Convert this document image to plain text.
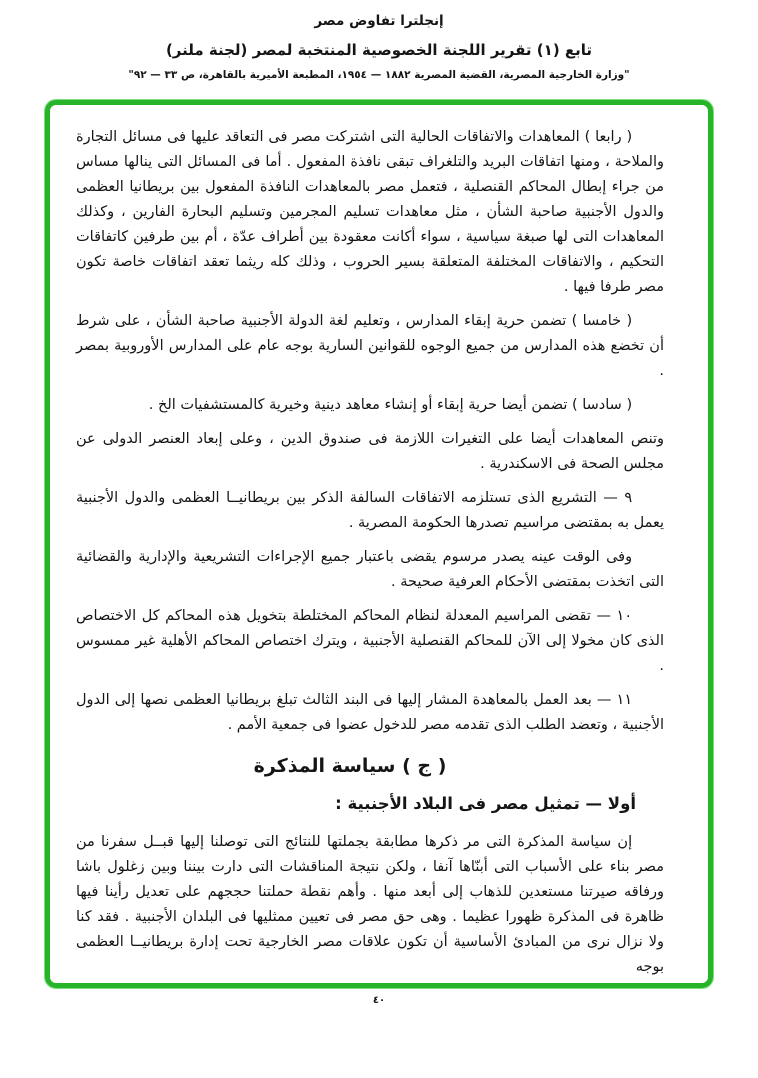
إنجلترا تفاوض مصر
تابع (١) تقرير اللجنة الخصوصية المنتخبة لمصر (لجنة ملنر)
"وزارة الخارجية المصرية، القضية المصرية ١٨٨٢ — ١٩٥٤، المطبعة الأميرية بالقاهرة، ص ٣٣ — ٩٢"

( رابعا ) المعاهدات والاتفاقات الحالية التى اشتركت مصر فى التعاقد عليها فى مسائل التجارة والملاحة ، ومنها اتفاقات البريد والتلغراف تبقى نافذة المفعول . أما فى المسائل التى ينالها مساس من جراء إبطال المحاكم القنصلية ، فتعمل مصر بالمعاهدات النافذة المفعول بين بريطانيا العظمى والدول الأجنبية صاحبة الشأن ، مثل معاهدات تسليم المجرمين وتسليم البحارة الفارين ، وكذلك المعاهدات التى لها صبغة سياسية ، سواء أكانت معقودة بين أطراف عدّة ، أم بين طرفين كاتفاقات التحكيم ، والاتفاقات المختلفة المتعلقة بسير الحروب ، وذلك كله ريثما تعقد اتفاقات خاصة تكون مصر طرفا فيها .

( خامسا ) تضمن حرية إبقاء المدارس ، وتعليم لغة الدولة الأجنبية صاحبة الشأن ، على شرط أن تخضع هذه المدارس من جميع الوجوه للقوانين السارية بوجه عام على المدارس الأوروبية بمصر .

( سادسا ) تضمن أيضا حرية إبقاء أو إنشاء معاهد دينية وخيرية كالمستشفيات الخ .

وتنص المعاهدات أيضا على التغيرات اللازمة فى صندوق الدين ، وعلى إبعاد العنصر الدولى عن مجلس الصحة فى الاسكندرية .

٩ — التشريع الذى تستلزمه الاتفاقات السالفة الذكر بين بريطانيــا العظمى والدول الأجنبية يعمل به بمقتضى مراسيم تصدرها الحكومة المصرية .

وفى الوقت عينه يصدر مرسوم يقضى باعتبار جميع الإجراءات التشريعية والإدارية والقضائية التى اتخذت بمقتضى الأحكام العرفية صحيحة .

١٠ — تقضى المراسيم المعدلة لنظام المحاكم المختلطة بتخويل هذه المحاكم كل الاختصاص الذى كان مخولا إلى الآن للمحاكم القنصلية الأجنبية ، ويترك اختصاص المحاكم الأهلية غير ممسوس .

١١ — بعد العمل بالمعاهدة المشار إليها فى البند الثالث تبلغ بريطانيا العظمى نصها إلى الدول الأجنبية ، وتعضد الطلب الذى تقدمه مصر للدخول عضوا فى جمعية الأمم .

( ج ) سياسة المذكرة
أولا — تمثيل مصر فى البلاد الأجنبية :

إن سياسة المذكرة التى مر ذكرها مطابقة بجملتها للنتائج التى توصلنا إليها قبــل سفرنا من مصر بناء على الأسباب التى أبنّاها آنفا ، ولكن نتيجة المناقشات التى دارت بيننا وبين زغلول باشا ورفاقه صيرتنا مستعدين للذهاب إلى أبعد منها . وأهم نقطة حملتنا حججهم على تعديل رأينا فيها ظاهرة فى المذكرة ظهورا عظيما . وهى حق مصر فى تعيين ممثليها فى البلدان الأجنبية . فقد كنا ولا نزال نرى من المبادئ الأساسية أن تكون علاقات مصر الخارجية تحت إدارة بريطانيــا العظمى بوجه

٤٠
